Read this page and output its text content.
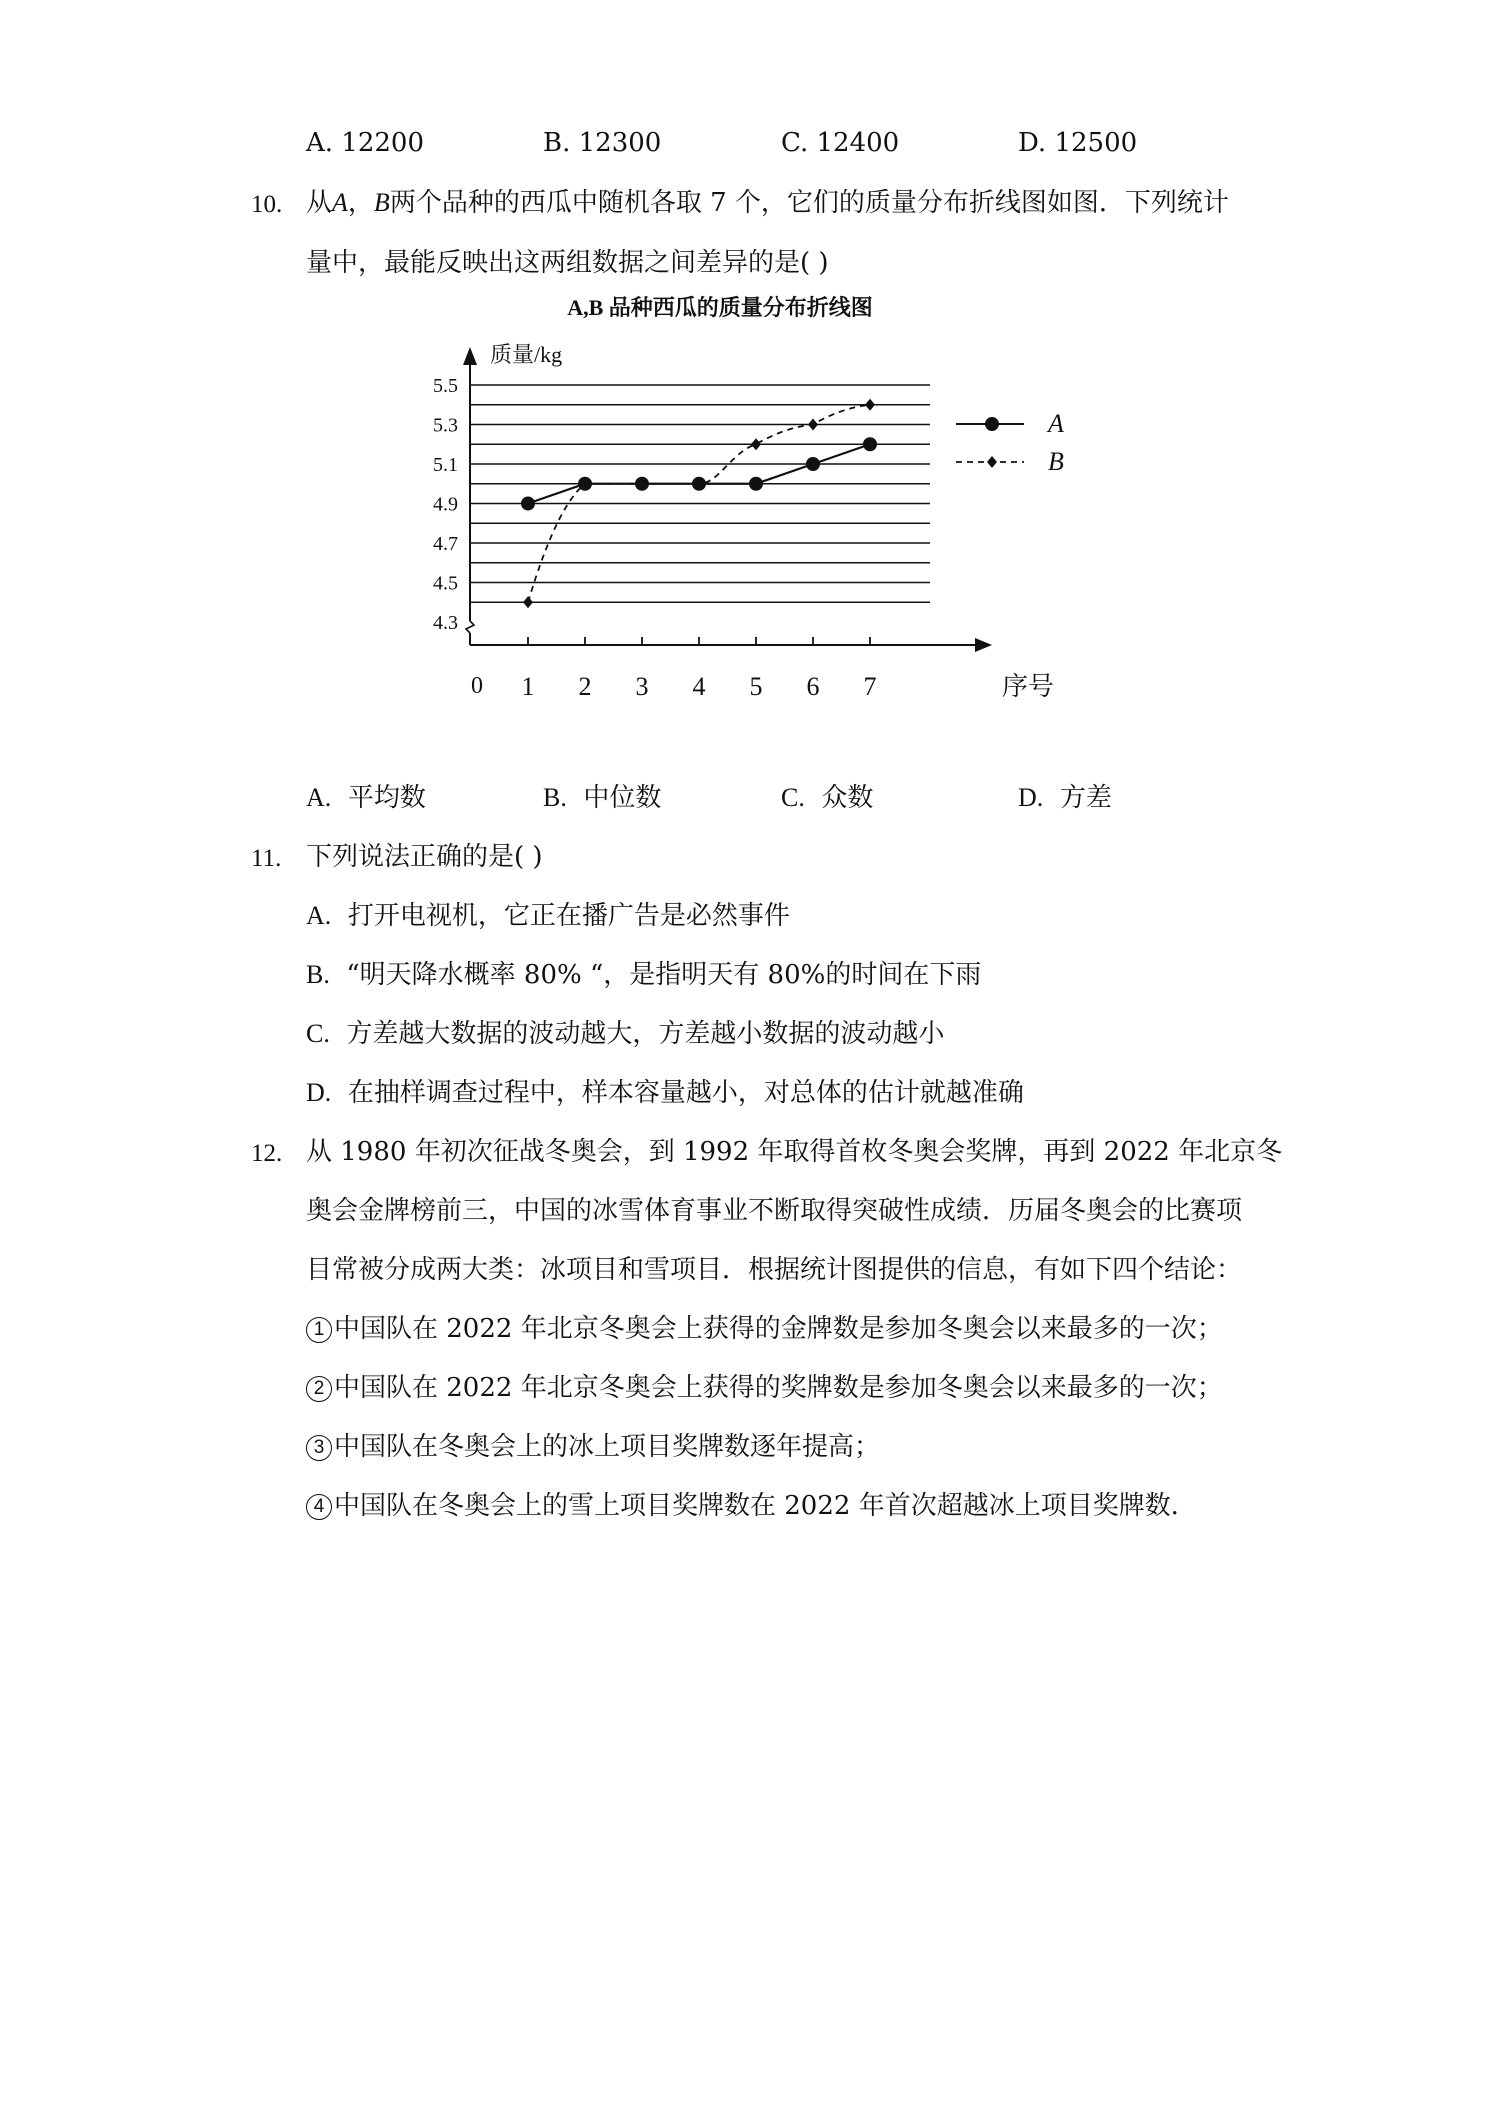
A. 12200	B. 12300	C. 12400	D. 12500
10. 从A，B两个品种的西瓜中随机各取 7 个，它们的质量分布折线图如图．下列统计
量中，最能反映出这两组数据之间差异的是( )
A,B 品种西瓜的质量分布折线图
质量/kg
5.5
5.3
5.1
4.9
4.7
4.5
4.3
0 1 2 3 4 5 6 7	序号
A
B
A. 平均数	B. 中位数	C. 众数	D. 方差
11. 下列说法正确的是( )
A. 打开电视机，它正在播广告是必然事件
B. “明天降水概率 80% “，是指明天有 80%的时间在下雨
C. 方差越大数据的波动越大，方差越小数据的波动越小
D. 在抽样调查过程中，样本容量越小，对总体的估计就越准确
12. 从 1980 年初次征战冬奥会，到 1992 年取得首枚冬奥会奖牌，再到 2022 年北京冬
奥会金牌榜前三，中国的冰雪体育事业不断取得突破性成绩．历届冬奥会的比赛项
目常被分成两大类：冰项目和雪项目．根据统计图提供的信息，有如下四个结论：
1 中国队在 2022 年北京冬奥会上获得的金牌数是参加冬奥会以来最多的一次；
2 中国队在 2022 年北京冬奥会上获得的奖牌数是参加冬奥会以来最多的一次；
3 中国队在冬奥会上的冰上项目奖牌数逐年提高；
4 中国队在冬奥会上的雪上项目奖牌数在 2022 年首次超越冰上项目奖牌数．
